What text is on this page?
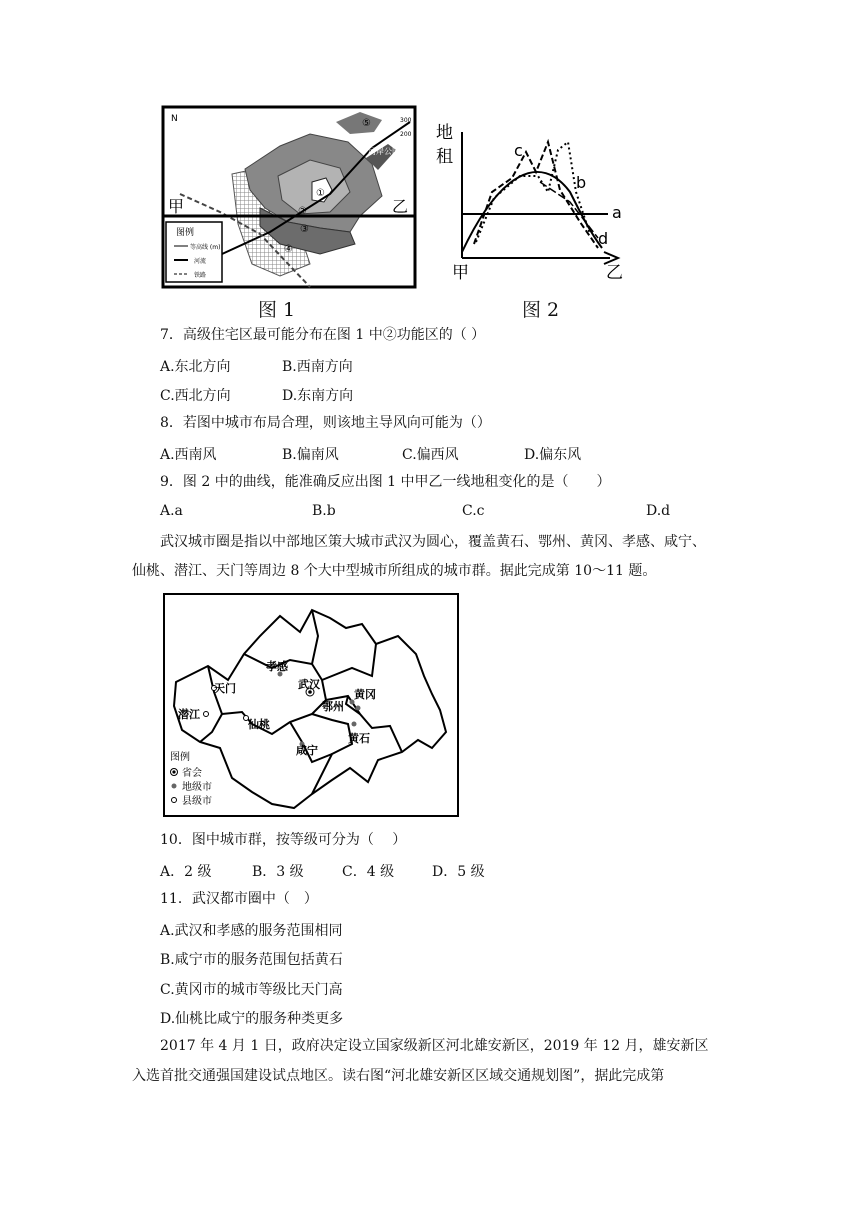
N
甲	乙
河岸公园
300
200
①
②
③
④
⑤
图例
等高线 (m)
河流
铁路
图 1
地
租
甲	乙
a
b
c
d
图 2
7．高级住宅区最可能分布在图 1 中②功能区的（ ）
A.东北方向	B.西南方向
C.西北方向	D.东南方向
8．若图中城市布局合理，则该地主导风向可能为（）
A.西南风	B.偏南风	C.偏西风	D.偏东风
9．图 2 中的曲线，能准确反应出图 1 中甲乙一线地租变化的是（　　）
A.a	B.b	C.c	D.d
武汉城市圈是指以中部地区策大城市武汉为圆心，覆盖黄石、鄂州、黄冈、孝感、咸宁、
仙桃、潜江、天门等周边 8 个大中型城市所组成的城市群。据此完成第 10～11 题。
孝感
天门	武汉
黄冈
鄂州
潜江
仙桃
黄石
咸宁
图例
省会
地级市
县级市
10．图中城市群，按等级可分为（　 ）
A．2 级	B．3 级	C．4 级	D．5 级
11．武汉都市圈中（　）
A.武汉和孝感的服务范围相同
B.咸宁市的服务范围包括黄石
C.黄冈市的城市等级比天门高
D.仙桃比咸宁的服务种类更多
2017 年 4 月 1 日，政府决定设立国家级新区河北雄安新区，2019 年 12 月，雄安新区
入选首批交通强国建设试点地区。读右图“河北雄安新区区域交通规划图”，据此完成第
